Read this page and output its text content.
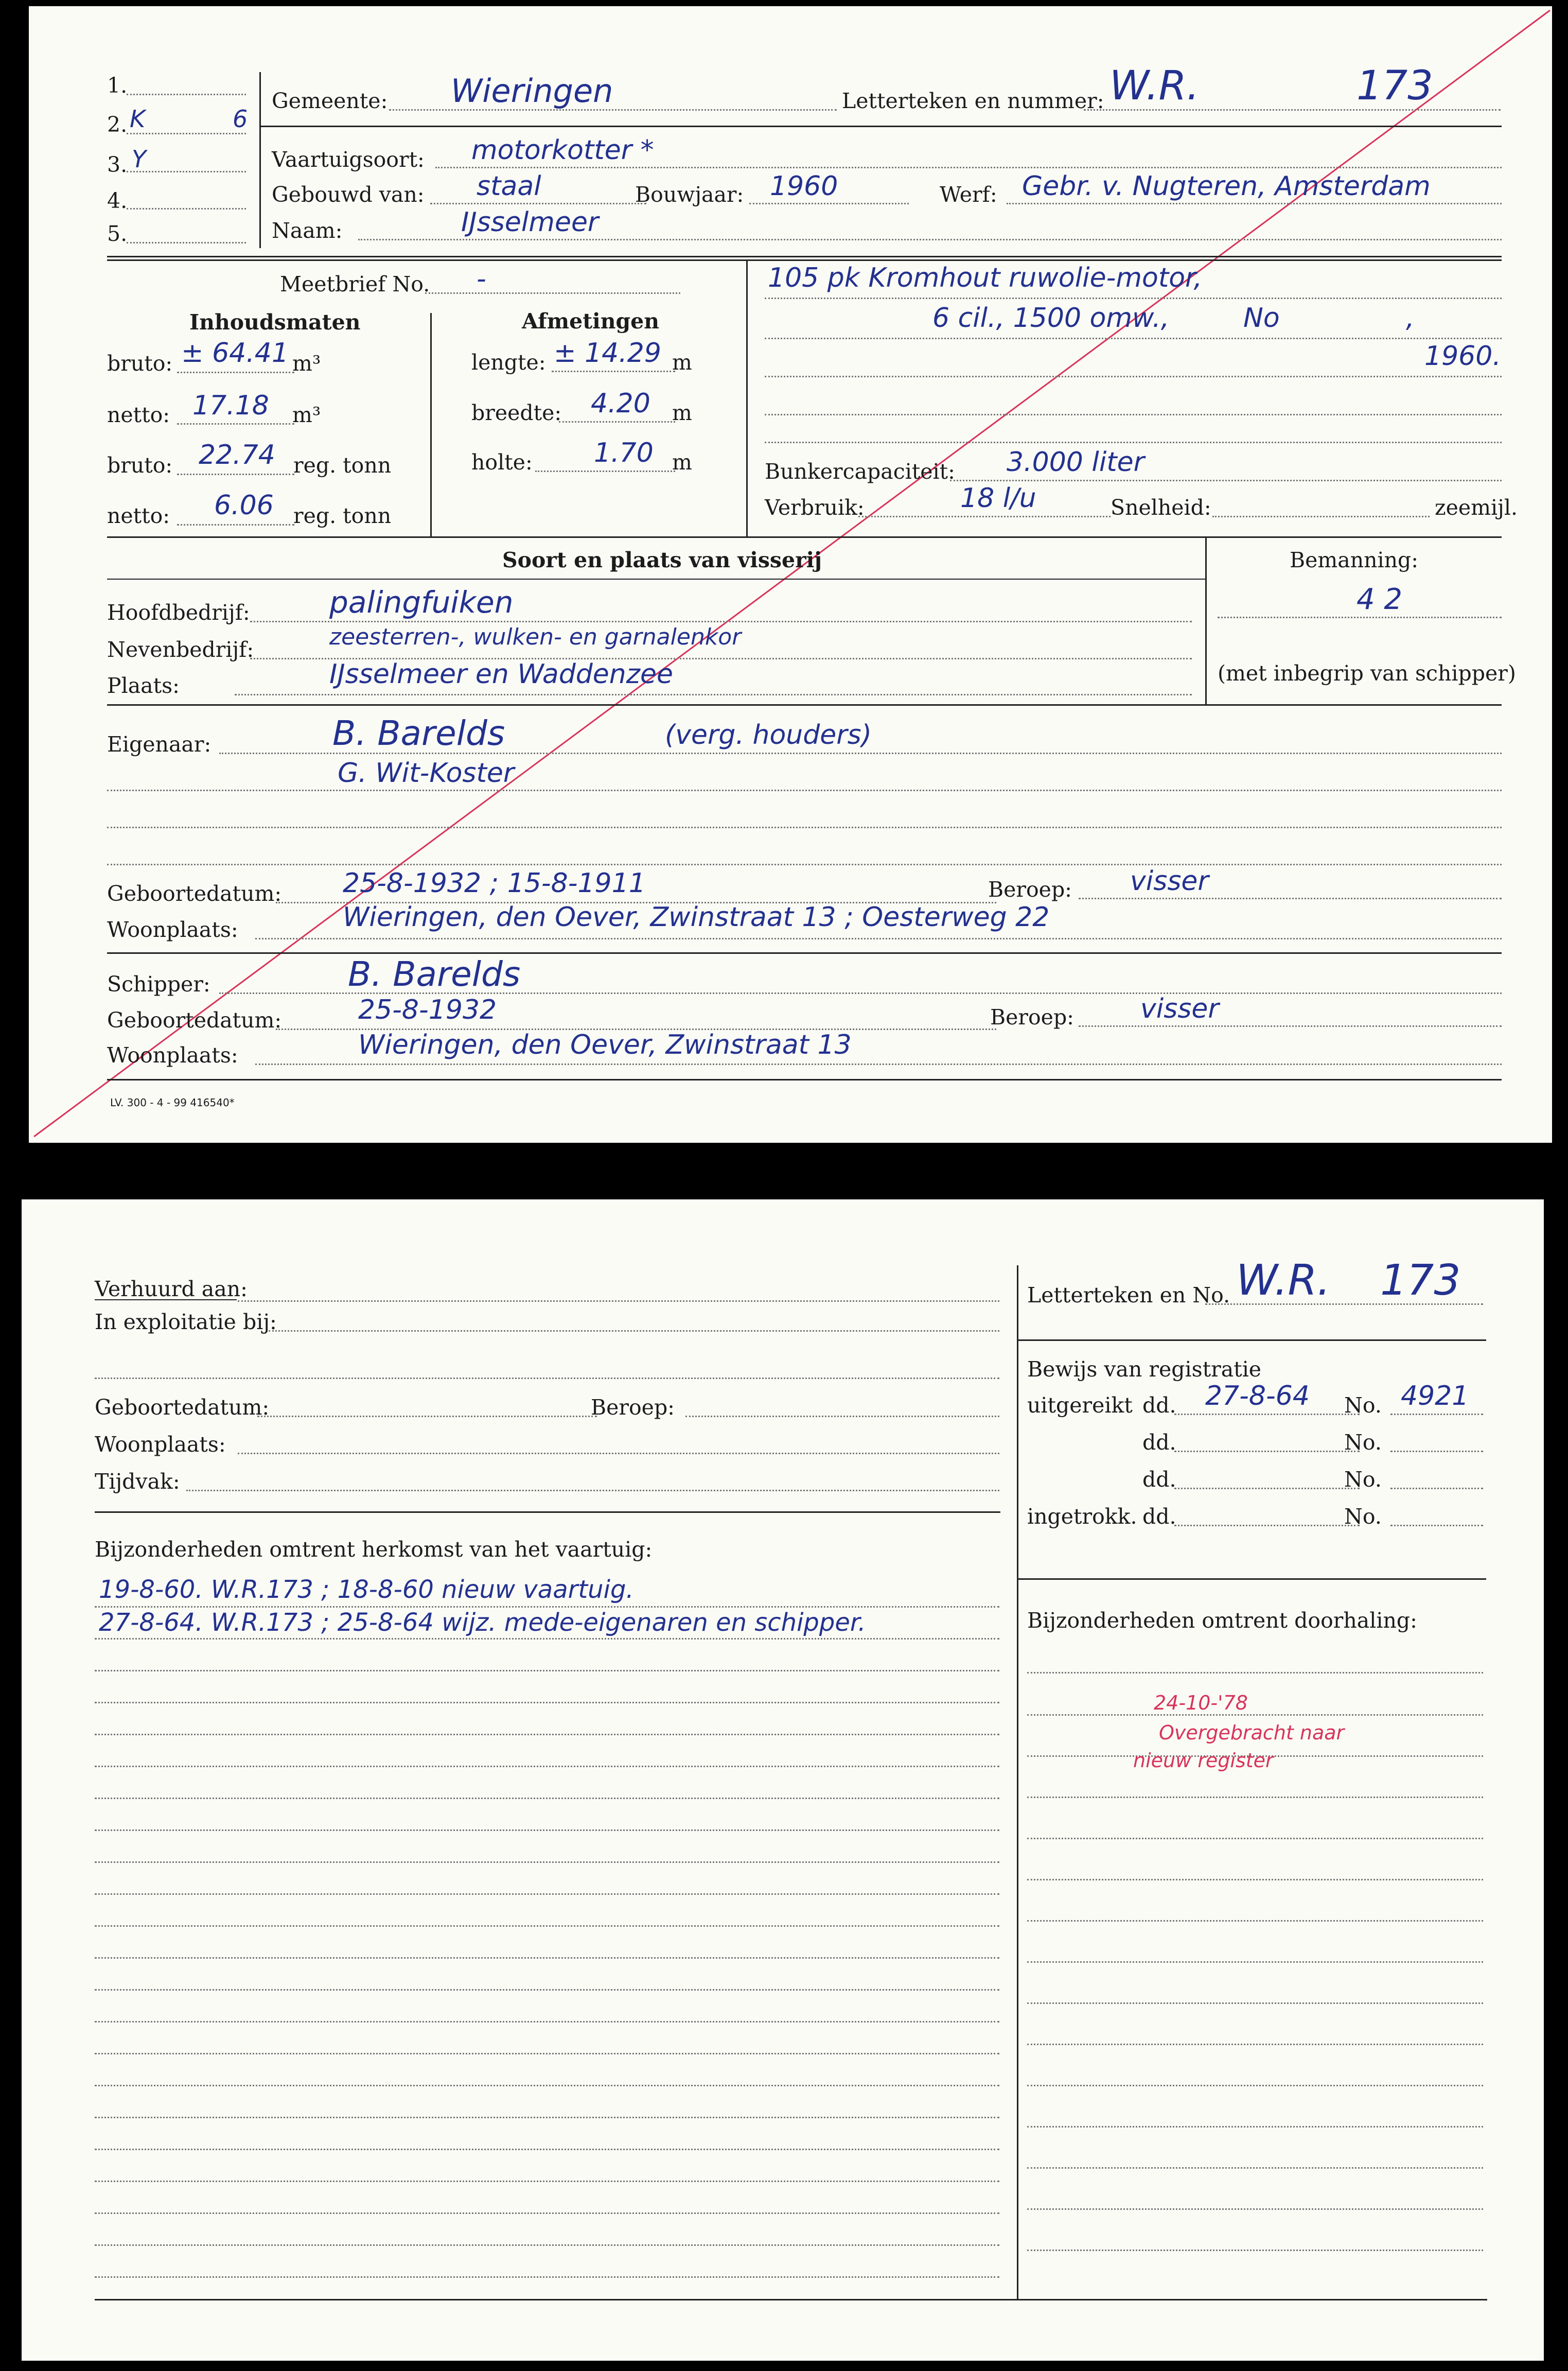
1.
2.
3.
4.
5.
K	6
Y
Gemeente: Wieringen	Letterteken en nummer: W.R.	173
Vaartuigsoort: motorkotter *
Gebouwd van: staal	Bouwjaar: 1960	Werf: Gebr. v. Nugteren, Amsterdam
Naam:	IJsselmeer
Meetbrief No. -
Inhoudsmaten	Afmetingen
bruto: ± 64.41 m³
netto: 17.18 m³
bruto: 22.74 reg. tonn
netto: 6.06 reg. tonn
lengte: ± 14.29 m
breedte: 4.20 m
holte: 1.70 m
105 pk Kromhout ruwolie-motor,
6 cil., 1500 omw.,	No	,
1960.
Bunkercapaciteit: 3.000 liter
Verbruik:	18 l/u	Snelheid:	zeemijl.
Soort en plaats van visserij
Hoofdbedrijf:	palingfuiken
Nevenbedrijf:	zeesterren-, wulken- en garnalenkor
Plaats:	IJsselmeer en Waddenzee
Bemanning:
4 2
(met inbegrip van schipper)
Eigenaar:	B. Barelds	(verg. houders)
G. Wit-Koster
Geboortedatum: 25-8-1932 ; 15-8-1911	Beroep: visser
Woonplaats:	Wieringen, den Oever, Zwinstraat 13 ; Oesterweg 22
Schipper:	B. Barelds
Geboortedatum:	25-8-1932	Beroep: visser
Woonplaats:	Wieringen, den Oever, Zwinstraat 13
LV. 300 - 4 - 99 416540*
Verhuurd aan:
In exploitatie bij:
Geboortedatum:	Beroep:
Woonplaats:
Tijdvak:
Bijzonderheden omtrent herkomst van het vaartuig:
19-8-60. W.R.173 ; 18-8-60 nieuw vaartuig.
27-8-64. W.R.173 ; 25-8-64 wijz. mede-eigenaren en schipper.
Letterteken en No. W.R. 173
Bewijs van registratie
uitgereikt dd. 27-8-64 No. 4921
dd.	No.
dd.	No.
ingetrokk. dd.	No.
Bijzonderheden omtrent doorhaling:
24-10-'78
Overgebracht naar
nieuw register
